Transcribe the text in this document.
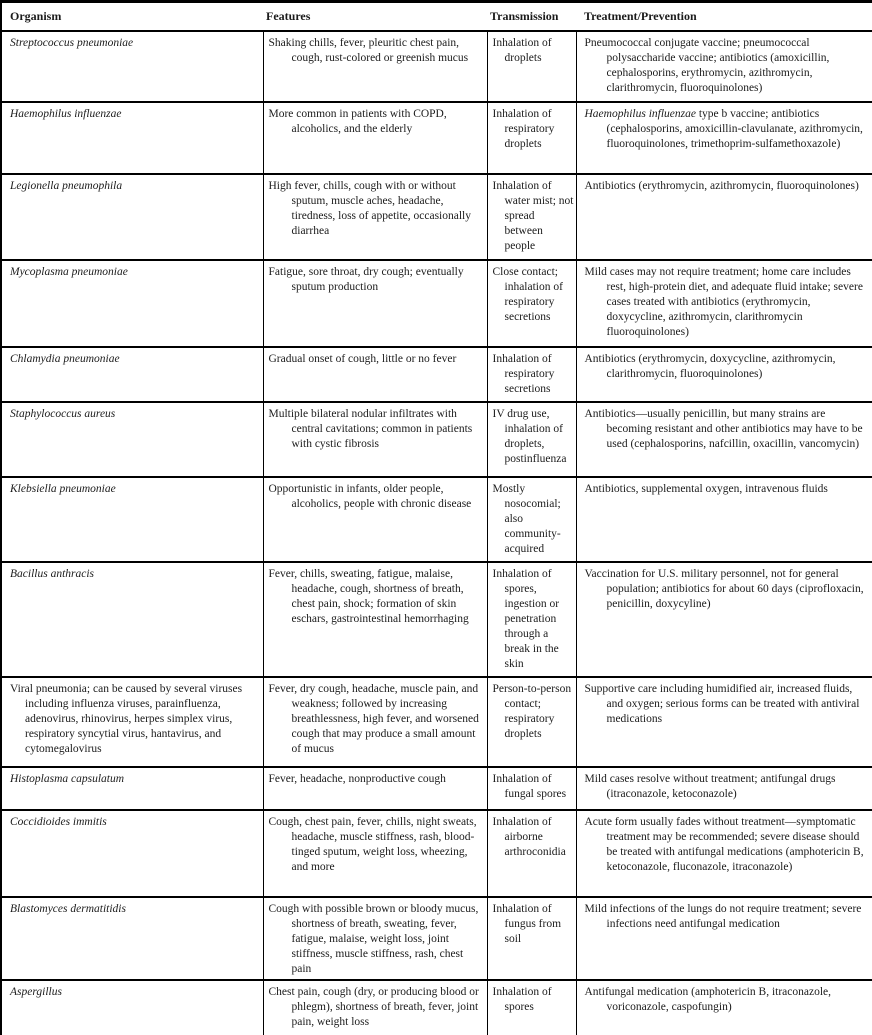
Organism	Features	Transmission	Treatment/Prevention
Streptococcus pneumoniae	Shaking chills, fever, pleuritic chest pain, cough, rust-colored or greenish mucus	Inhalation of droplets	Pneumococcal conjugate vaccine; pneumococcal polysaccharide vaccine; antibiotics (amoxicillin, cephalosporins, erythromycin, azithromycin, clarithromycin, fluoroquinolones)
Haemophilus influenzae	More common in patients with COPD, alcoholics, and the elderly	Inhalation of respiratory droplets	Haemophilus influenzae type b vaccine; antibiotics (cephalosporins, amoxicillin-clavulanate, azithromycin, fluoroquinolones, trimethoprim-sulfamethoxazole)
Legionella pneumophila	High fever, chills, cough with or without sputum, muscle aches, headache, tiredness, loss of appetite, occasionally diarrhea	Inhalation of water mist; not spread between people	Antibiotics (erythromycin, azithromycin, fluoroquinolones)
Mycoplasma pneumoniae	Fatigue, sore throat, dry cough; eventually sputum production	Close contact; inhalation of respiratory secretions	Mild cases may not require treatment; home care includes rest, high-protein diet, and adequate fluid intake; severe cases treated with antibiotics (erythromycin, doxycycline, azithromycin, clarithromycin fluoroquinolones)
Chlamydia pneumoniae	Gradual onset of cough, little or no fever	Inhalation of respiratory secretions	Antibiotics (erythromycin, doxycycline, azithromycin, clarithromycin, fluoroquinolones)
Staphylococcus aureus	Multiple bilateral nodular infiltrates with central cavitations; common in patients with cystic fibrosis	IV drug use, inhalation of droplets, postinfluenza	Antibiotics—usually penicillin, but many strains are becoming resistant and other antibiotics may have to be used (cephalosporins, nafcillin, oxacillin, vancomycin)
Klebsiella pneumoniae	Opportunistic in infants, older people, alcoholics, people with chronic disease	Mostly nosocomial; also community-acquired	Antibiotics, supplemental oxygen, intravenous fluids
Bacillus anthracis	Fever, chills, sweating, fatigue, malaise, headache, cough, shortness of breath, chest pain, shock; formation of skin eschars, gastrointestinal hemorrhaging	Inhalation of spores, ingestion or penetration through a break in the skin	Vaccination for U.S. military personnel, not for general population; antibiotics for about 60 days (ciprofloxacin, penicillin, doxycyline)
Viral pneumonia; can be caused by several viruses including influenza viruses, parainfluenza, adenovirus, rhinovirus, herpes simplex virus, respiratory syncytial virus, hantavirus, and cytomegalovirus	Fever, dry cough, headache, muscle pain, and weakness; followed by increasing breathlessness, high fever, and worsened cough that may produce a small amount of mucus	Person-to-person contact; respiratory droplets	Supportive care including humidified air, increased fluids, and oxygen; serious forms can be treated with antiviral medications
Histoplasma capsulatum	Fever, headache, nonproductive cough	Inhalation of fungal spores	Mild cases resolve without treatment; antifungal drugs (itraconazole, ketoconazole)
Coccidioides immitis	Cough, chest pain, fever, chills, night sweats, headache, muscle stiffness, rash, blood-tinged sputum, weight loss, wheezing, and more	Inhalation of airborne arthroconidia	Acute form usually fades without treatment—symptomatic treatment may be recommended; severe disease should be treated with antifungal medications (amphotericin B, ketoconazole, fluconazole, itraconazole)
Blastomyces dermatitidis	Cough with possible brown or bloody mucus, shortness of breath, sweating, fever, fatigue, malaise, weight loss, joint stiffness, muscle stiffness, rash, chest pain	Inhalation of fungus from soil	Mild infections of the lungs do not require treatment; severe infections need antifungal medication
Aspergillus	Chest pain, cough (dry, or producing blood or phlegm), shortness of breath, fever, joint pain, weight loss	Inhalation of spores	Antifungal medication (amphotericin B, itraconazole, voriconazole, caspofungin)
